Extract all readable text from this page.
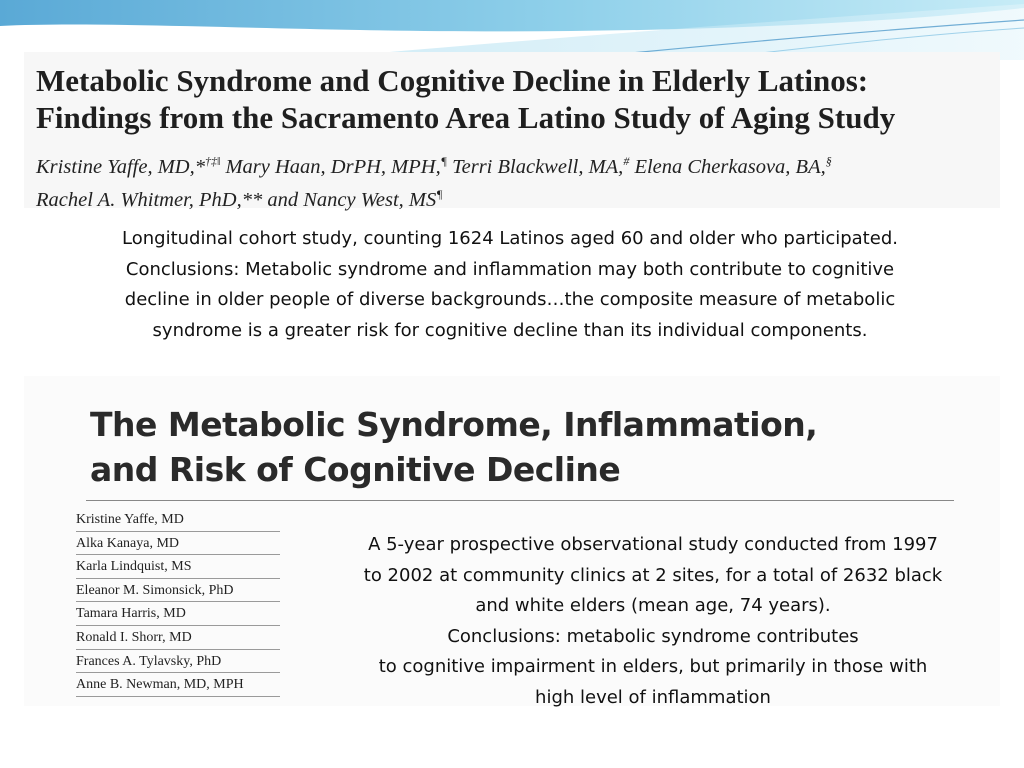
Metabolic Syndrome and Cognitive Decline in Elderly Latinos:
Findings from the Sacramento Area Latino Study of Aging Study
Kristine Yaffe, MD,*†‡‖ Mary Haan, DrPH, MPH,¶ Terri Blackwell, MA,# Elena Cherkasova, BA,§
Rachel A. Whitmer, PhD,** and Nancy West, MS¶
Longitudinal cohort study, counting 1624 Latinos aged 60 and older who participated.
Conclusions: Metabolic syndrome and inflammation may both contribute to cognitive
decline in older people of diverse backgrounds…the composite measure of metabolic
syndrome is a greater risk for cognitive decline than its individual components.
The Metabolic Syndrome, Inflammation,
and Risk of Cognitive Decline
Kristine Yaffe, MD
Alka Kanaya, MD
Karla Lindquist, MS
Eleanor M. Simonsick, PhD
Tamara Harris, MD
Ronald I. Shorr, MD
Frances A. Tylavsky, PhD
Anne B. Newman, MD, MPH
A 5-year prospective observational study conducted from 1997
to 2002 at community clinics at 2 sites, for a total of 2632 black
and white elders (mean age, 74 years).
Conclusions: metabolic syndrome contributes
to cognitive impairment in elders, but primarily in those with
high level of inflammation
